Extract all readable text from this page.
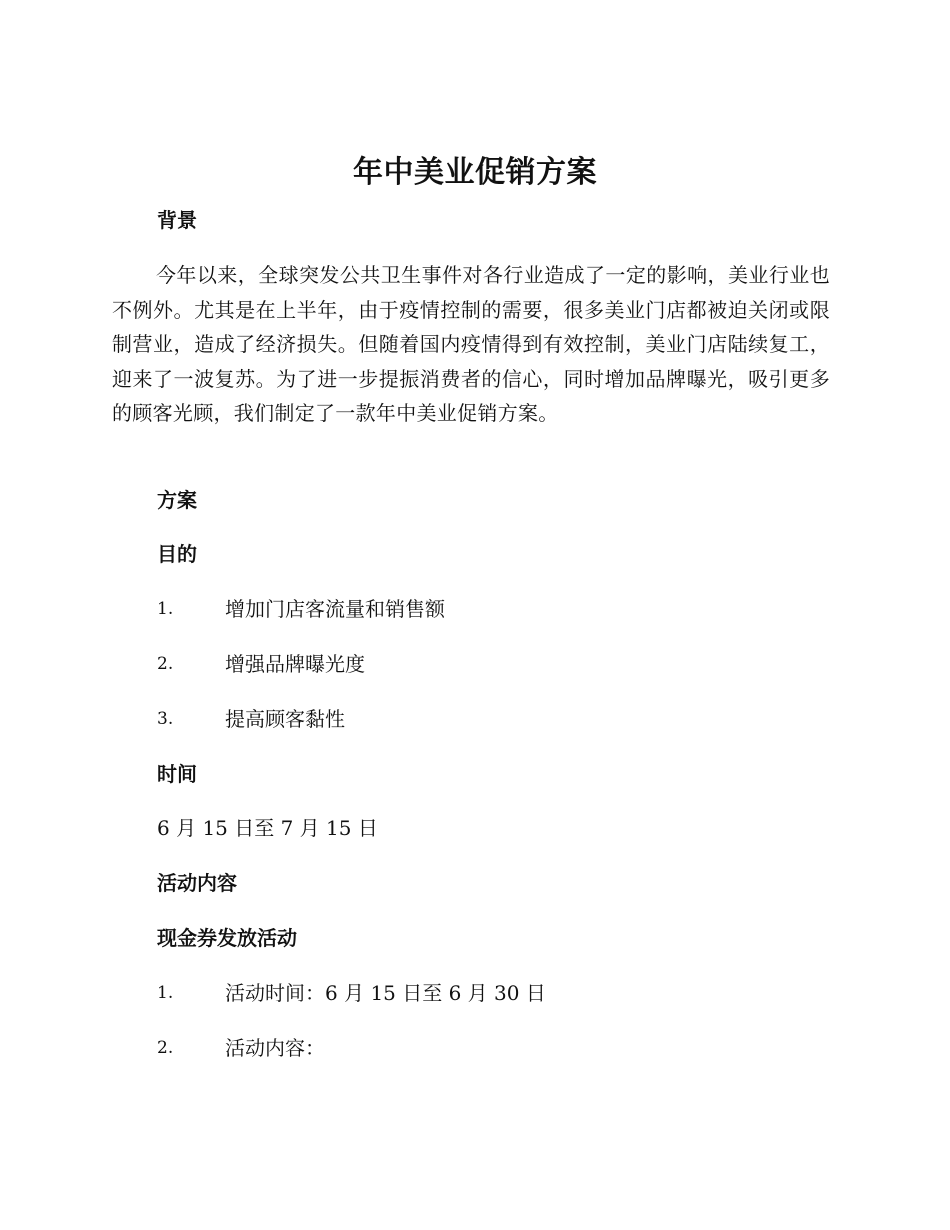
年中美业促销方案
背景

今年以来，全球突发公共卫生事件对各行业造成了一定的影响，美业行业也不例外。尤其是在上半年，由于疫情控制的需要，很多美业门店都被迫关闭或限制营业，造成了经济损失。但随着国内疫情得到有效控制，美业门店陆续复工，迎来了一波复苏。为了进一步提振消费者的信心，同时增加品牌曝光，吸引更多的顾客光顾，我们制定了一款年中美业促销方案。

方案
目的
1.	增加门店客流量和销售额
2.	增强品牌曝光度
3.	提高顾客黏性
时间
6 月 15 日至 7 月 15 日
活动内容
现金券发放活动
1.	活动时间：6 月 15 日至 6 月 30 日
2.	活动内容：
